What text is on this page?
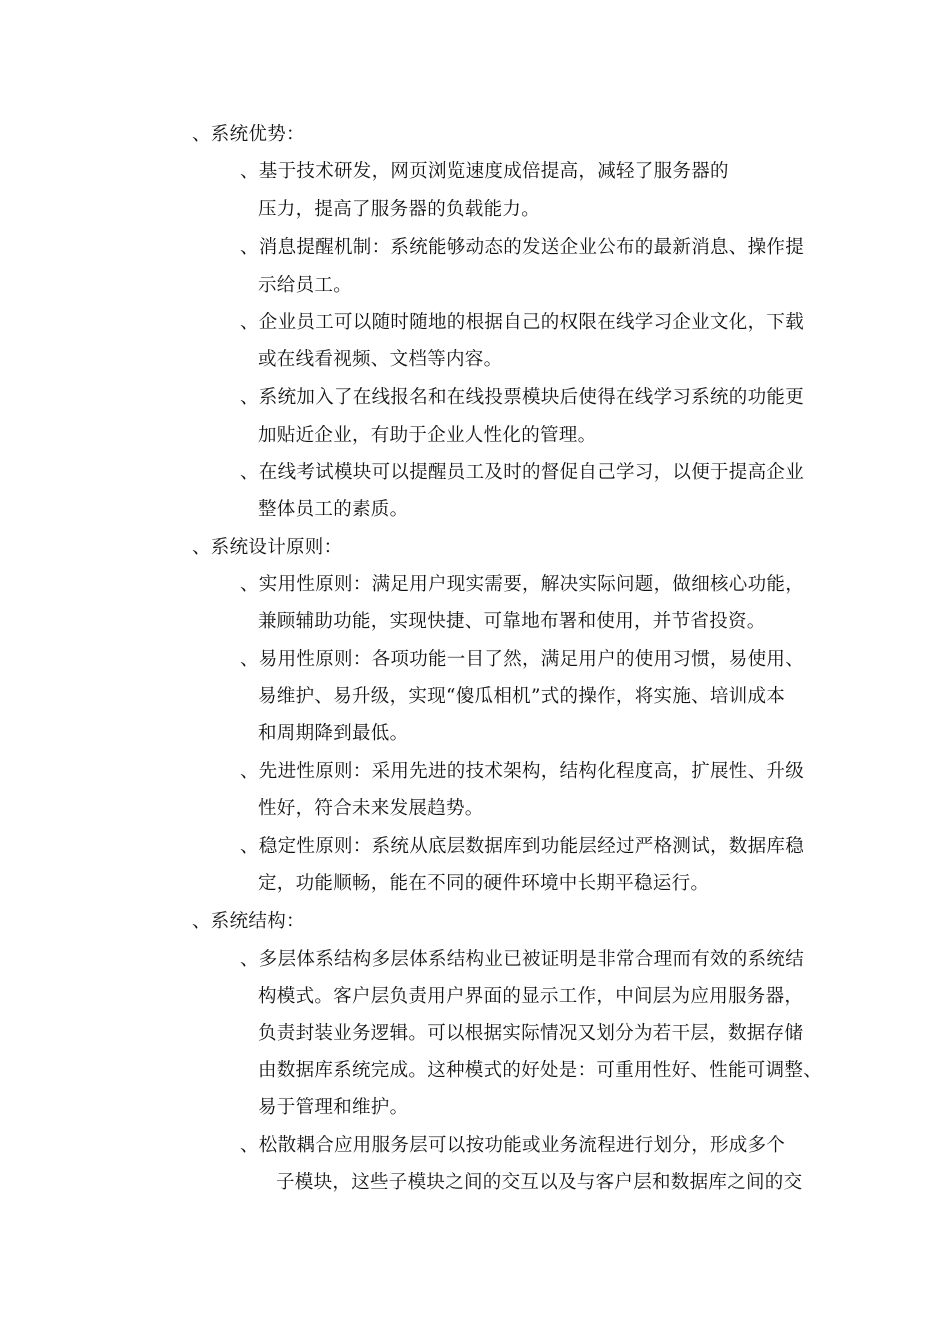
、系统优势：
、基于技术研发，网页浏览速度成倍提高，减轻了服务器的
压力，提高了服务器的负载能力。
、消息提醒机制：系统能够动态的发送企业公布的最新消息、操作提
示给员工。
、企业员工可以随时随地的根据自己的权限在线学习企业文化，下载
或在线看视频、文档等内容。
、系统加入了在线报名和在线投票模块后使得在线学习系统的功能更
加贴近企业，有助于企业人性化的管理。
、在线考试模块可以提醒员工及时的督促自己学习，以便于提高企业
整体员工的素质。
、系统设计原则：
、实用性原则：满足用户现实需要，解决实际问题，做细核心功能，
兼顾辅助功能，实现快捷、可靠地布署和使用，并节省投资。
、易用性原则：各项功能一目了然，满足用户的使用习惯，易使用、
易维护、易升级，实现“傻瓜相机”式的操作，将实施、培训成本
和周期降到最低。
、先进性原则：采用先进的技术架构，结构化程度高，扩展性、升级
性好，符合未来发展趋势。
、稳定性原则：系统从底层数据库到功能层经过严格测试，数据库稳
定，功能顺畅，能在不同的硬件环境中长期平稳运行。
、系统结构：
、多层体系结构多层体系结构业已被证明是非常合理而有效的系统结
构模式。客户层负责用户界面的显示工作，中间层为应用服务器，
负责封装业务逻辑。可以根据实际情况又划分为若干层，数据存储
由数据库系统完成。这种模式的好处是：可重用性好、性能可调整、
易于管理和维护。
、松散耦合应用服务层可以按功能或业务流程进行划分，形成多个
子模块，这些子模块之间的交互以及与客户层和数据库之间的交
